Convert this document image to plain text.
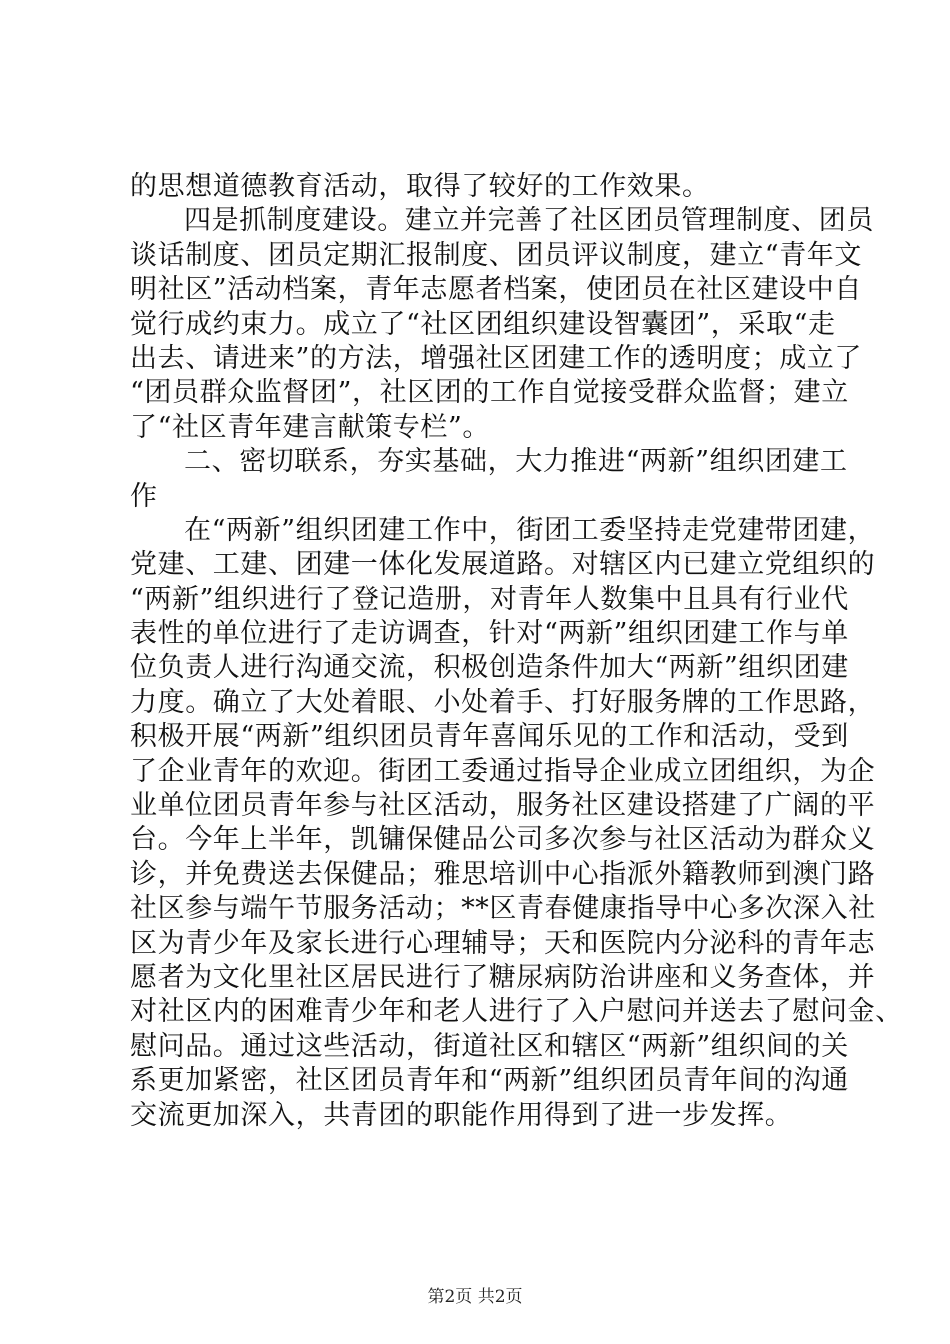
的思想道德教育活动，取得了较好的工作效果。
四是抓制度建设。建立并完善了社区团员管理制度、团员
谈话制度、团员定期汇报制度、团员评议制度，建立“青年文
明社区”活动档案，青年志愿者档案，使团员在社区建设中自
觉行成约束力。成立了“社区团组织建设智囊团”，采取“走
出去、请进来”的方法，增强社区团建工作的透明度；成立了
“团员群众监督团”，社区团的工作自觉接受群众监督；建立
了“社区青年建言献策专栏”。
二、密切联系，夯实基础，大力推进“两新”组织团建工
作
在“两新”组织团建工作中，街团工委坚持走党建带团建，
党建、工建、团建一体化发展道路。对辖区内已建立党组织的
“两新”组织进行了登记造册，对青年人数集中且具有行业代
表性的单位进行了走访调查，针对“两新”组织团建工作与单
位负责人进行沟通交流，积极创造条件加大“两新”组织团建
力度。确立了大处着眼、小处着手、打好服务牌的工作思路，
积极开展“两新”组织团员青年喜闻乐见的工作和活动，受到
了企业青年的欢迎。街团工委通过指导企业成立团组织，为企
业单位团员青年参与社区活动，服务社区建设搭建了广阔的平
台。今年上半年，凯镛保健品公司多次参与社区活动为群众义
诊，并免费送去保健品；雅思培训中心指派外籍教师到澳门路
社区参与端午节服务活动；**区青春健康指导中心多次深入社
区为青少年及家长进行心理辅导；天和医院内分泌科的青年志
愿者为文化里社区居民进行了糖尿病防治讲座和义务查体，并
对社区内的困难青少年和老人进行了入户慰问并送去了慰问金、
慰问品。通过这些活动，街道社区和辖区“两新”组织间的关
系更加紧密，社区团员青年和“两新”组织团员青年间的沟通
交流更加深入，共青团的职能作用得到了进一步发挥。
第2页 共2页
